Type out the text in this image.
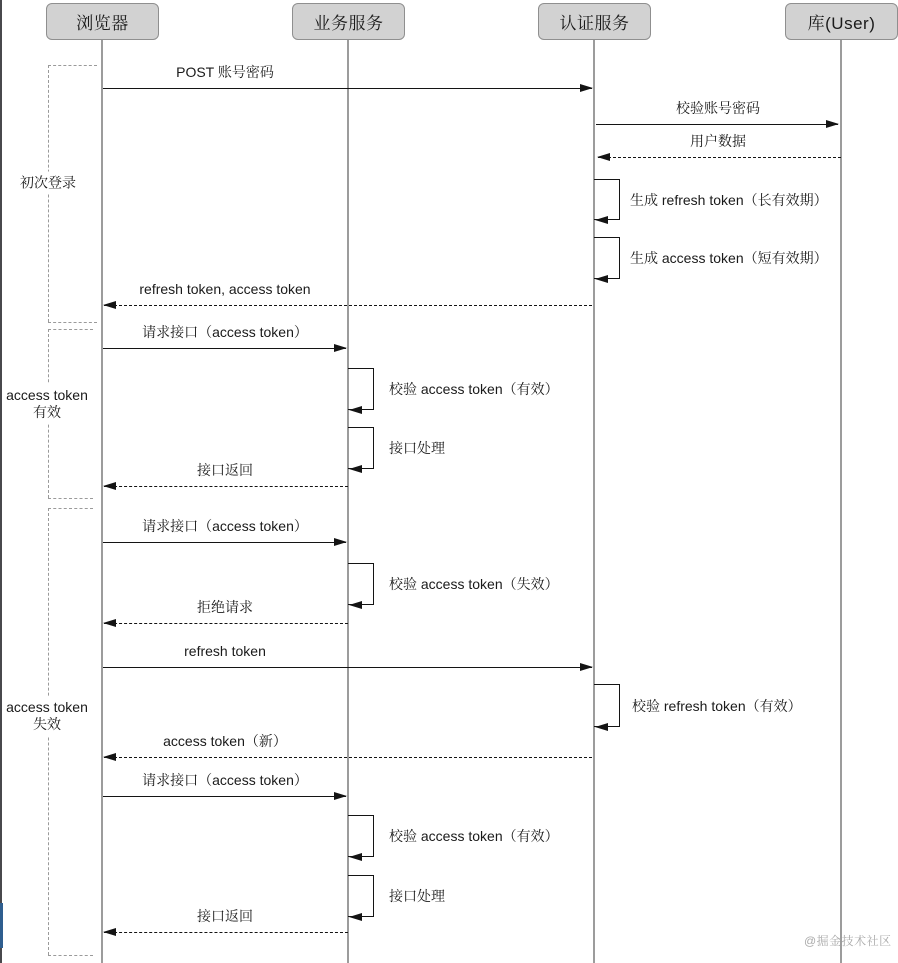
@掘金技术社区
初次登录
access token
有效
access token
失效
POST 账号密码
校验账号密码
用户数据
生成 refresh token（长有效期）
生成 access token（短有效期）
refresh token, access token
请求接口（access token）
校验 access token（有效）
接口处理
接口返回
请求接口（access token）
校验 access token（失效）
拒绝请求
refresh token
校验 refresh token（有效）
access token（新）
请求接口（access token）
校验 access token（有效）
接口处理
接口返回
浏览器	业务服务	认证服务	库(User)
